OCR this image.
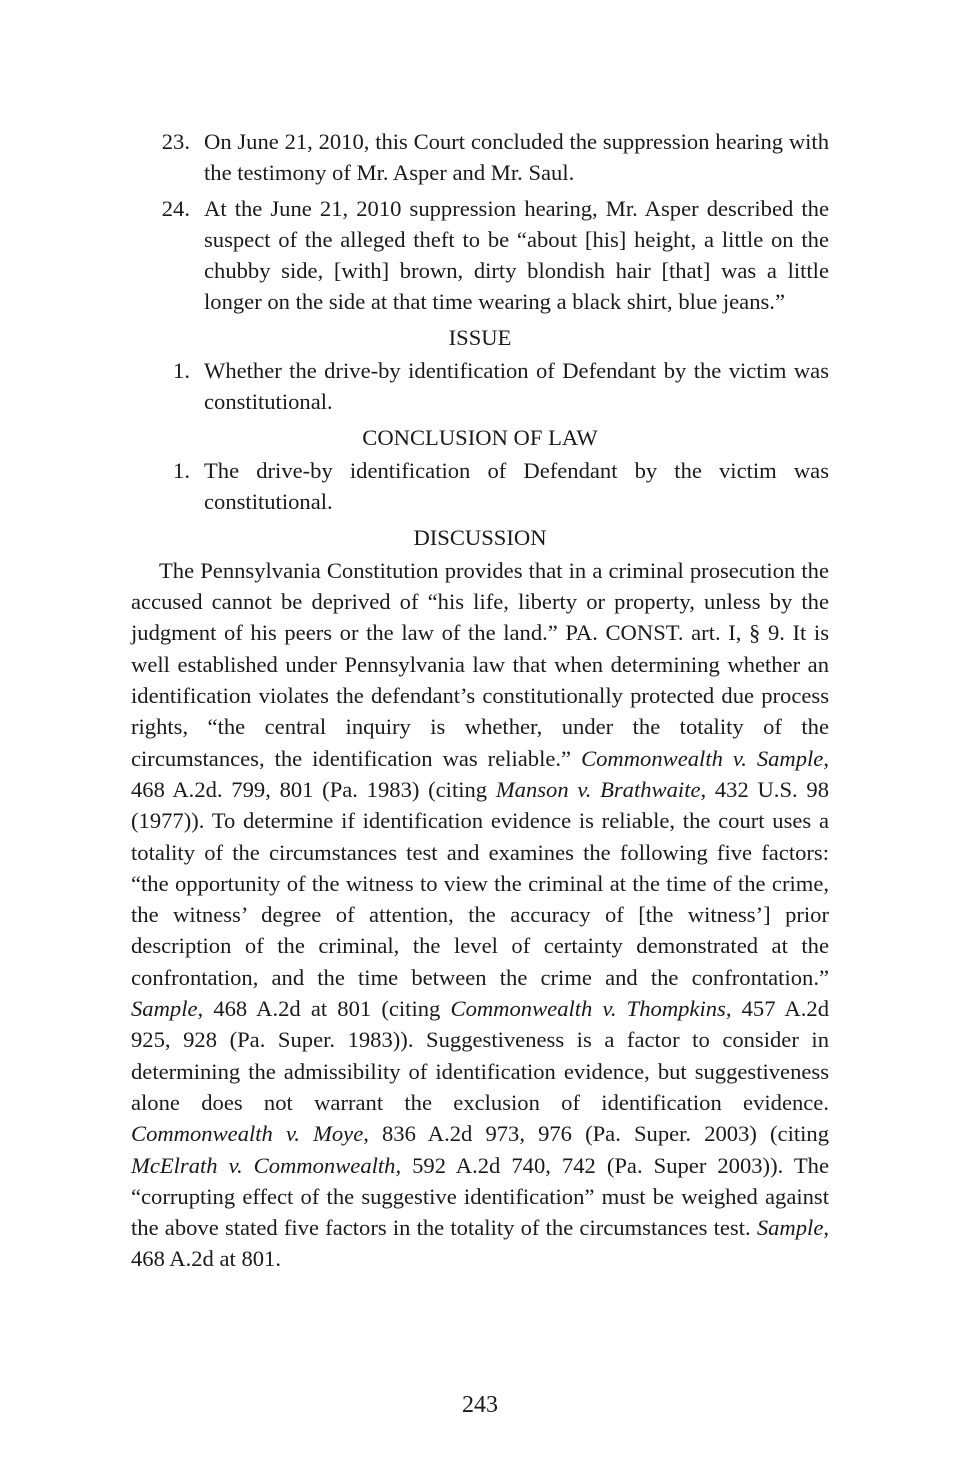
23. On June 21, 2010, this Court concluded the suppression hearing with the testimony of Mr. Asper and Mr. Saul.
24. At the June 21, 2010 suppression hearing, Mr. Asper described the suspect of the alleged theft to be “about [his] height, a little on the chubby side, [with] brown, dirty blondish hair [that] was a little longer on the side at that time wearing a black shirt, blue jeans.”
ISSUE
1. Whether the drive-by identification of Defendant by the victim was constitutional.
CONCLUSION OF LAW
1. The drive-by identification of Defendant by the victim was constitutional.
DISCUSSION

The Pennsylvania Constitution provides that in a criminal prosecution the accused cannot be deprived of “his life, liberty or property, unless by the judgment of his peers or the law of the land.” PA. CONST. art. I, § 9. It is well established under Pennsylvania law that when determining whether an identification violates the defendant’s constitutionally protected due process rights, “the central inquiry is whether, under the totality of the circumstances, the identification was reliable.” Commonwealth v. Sample, 468 A.2d. 799, 801 (Pa. 1983) (citing Manson v. Brathwaite, 432 U.S. 98 (1977)). To determine if identification evidence is reliable, the court uses a totality of the circumstances test and examines the following five factors: “the opportunity of the witness to view the criminal at the time of the crime, the witness’ degree of attention, the accuracy of [the witness’] prior description of the criminal, the level of certainty demonstrated at the confrontation, and the time between the crime and the confrontation.” Sample, 468 A.2d at 801 (citing Commonwealth v. Thompkins, 457 A.2d 925, 928 (Pa. Super. 1983)). Suggestiveness is a factor to consider in determining the admissibility of identification evidence, but suggestiveness alone does not warrant the exclusion of identification evidence. Commonwealth v. Moye, 836 A.2d 973, 976 (Pa. Super. 2003) (citing McElrath v. Commonwealth, 592 A.2d 740, 742 (Pa. Super 2003)). The “corrupting effect of the suggestive identification” must be weighed against the above stated five factors in the totality of the circumstances test. Sample, 468 A.2d at 801.

243
